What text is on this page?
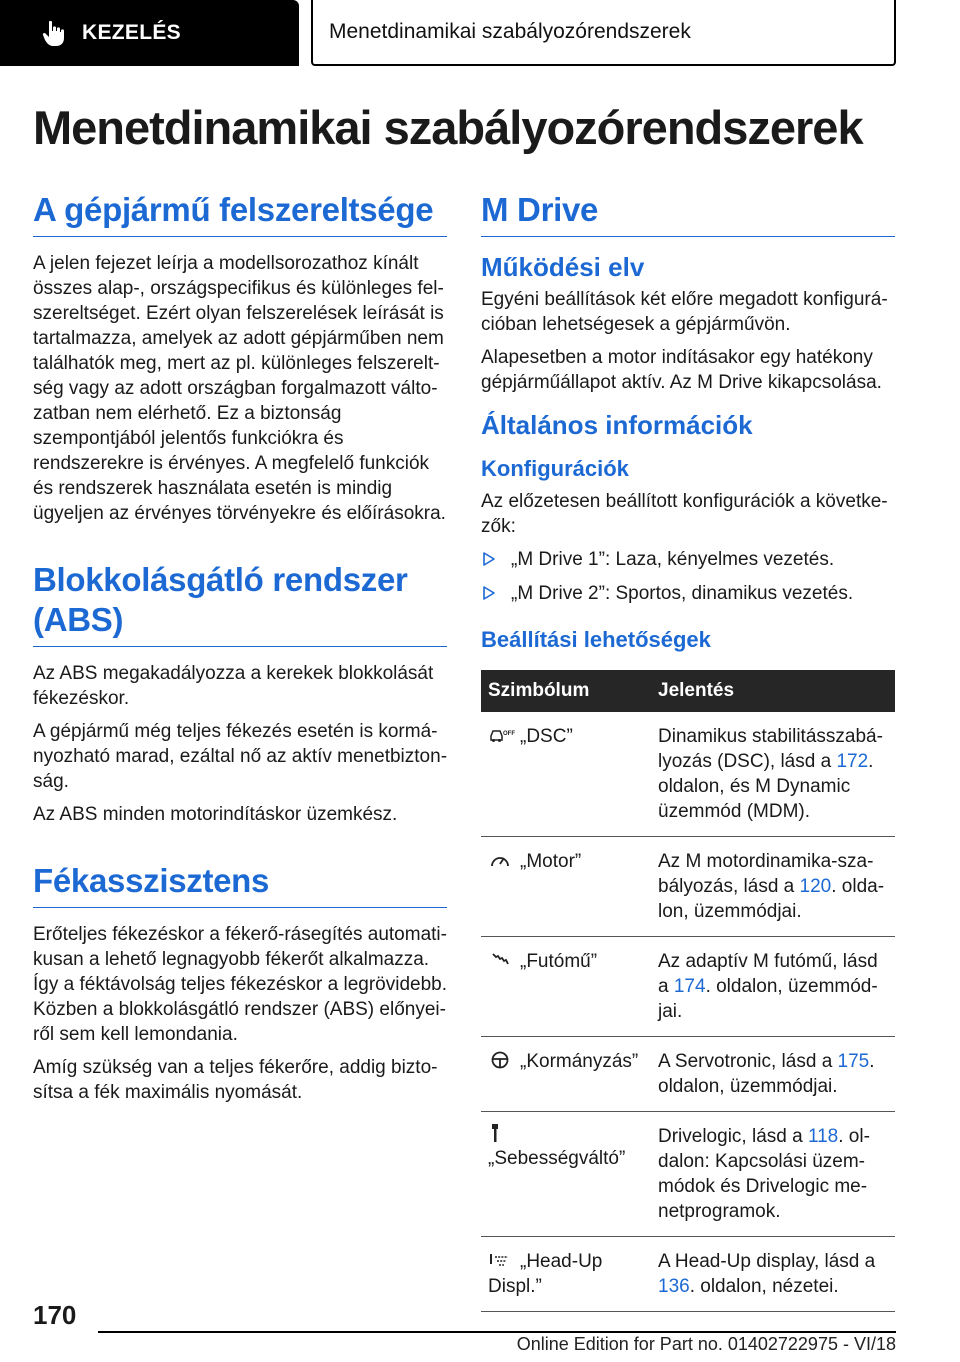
KEZELÉS	Menetdinamikai szabályozórendszerek
Menetdinamikai szabályozórendszerek
A gépjármű felszereltsége

A jelen fejezet leírja a modellsorozathoz kínált összes alap-, országspecifikus és különleges felszereltséget. Ezért olyan felszerelések leírását is tartalmazza, amelyek az adott gépjárműben nem találhatók meg, mert az pl. különleges felszereltség vagy az adott országban forgalmazott változatban nem elérhető. Ez a biztonság szempontjából jelentős funkciókra és rendszerekre is érvényes. A megfelelő funkciók és rendszerek használata esetén is mindig ügyeljen az érvényes törvényekre és előírásokra.

Blokkolásgátló rendszer (ABS)

Az ABS megakadályozza a kerekek blokkolását fékezéskor.

A gépjármű még teljes fékezés esetén is kormányozható marad, ezáltal nő az aktív menetbiztonság.

Az ABS minden motorindításkor üzemkész.

Fékasszisztens

Erőteljes fékezéskor a fékerő-rásegítés automatikusan a lehető legnagyobb fékerőt alkalmazza. Így a féktávolság teljes fékezéskor a legrövidebb. Közben a blokkolásgátló rendszer (ABS) előnyeiről sem kell lemondania.

Amíg szükség van a teljes fékerőre, addig biztosítsa a fék maximális nyomását.

M Drive
Működési elv

Egyéni beállítások két előre megadott konfigurációban lehetségesek a gépjárművön.

Alapesetben a motor indításakor egy hatékony gépjárműállapot aktív. Az M Drive kikapcsolása.

Általános információk
Konfigurációk

Az előzetesen beállított konfigurációk a következők:

„M Drive 1”: Laza, kényelmes vezetés.
„M Drive 2”: Sportos, dinamikus vezetés.
Beállítási lehetőségek
Szimbólum	Jelentés

OFF „DSC”	Dinamikus stabilitásszabályozás (DSC), lásd a 172. oldalon, és M Dynamic üzemmód (MDM).
„Motor”	Az M motordinamika-szabályozás, lásd a 120. oldalon, üzemmódjai.
„Futómű”	Az adaptív M futómű, lásd a 174. oldalon, üzemmódjai.
„Kormányzás”	A Servotronic, lásd a 175. oldalon, üzemmódjai.

„Sebességváltó”	Drivelogic, lásd a 118. oldalon: Kapcsolási üzemmódok és Drivelogic menetprogramok.
„Head-Up Displ.”	A Head-Up display, lásd a 136. oldalon, nézetei.
170
Online Edition for Part no. 01402722975 - VI/18
